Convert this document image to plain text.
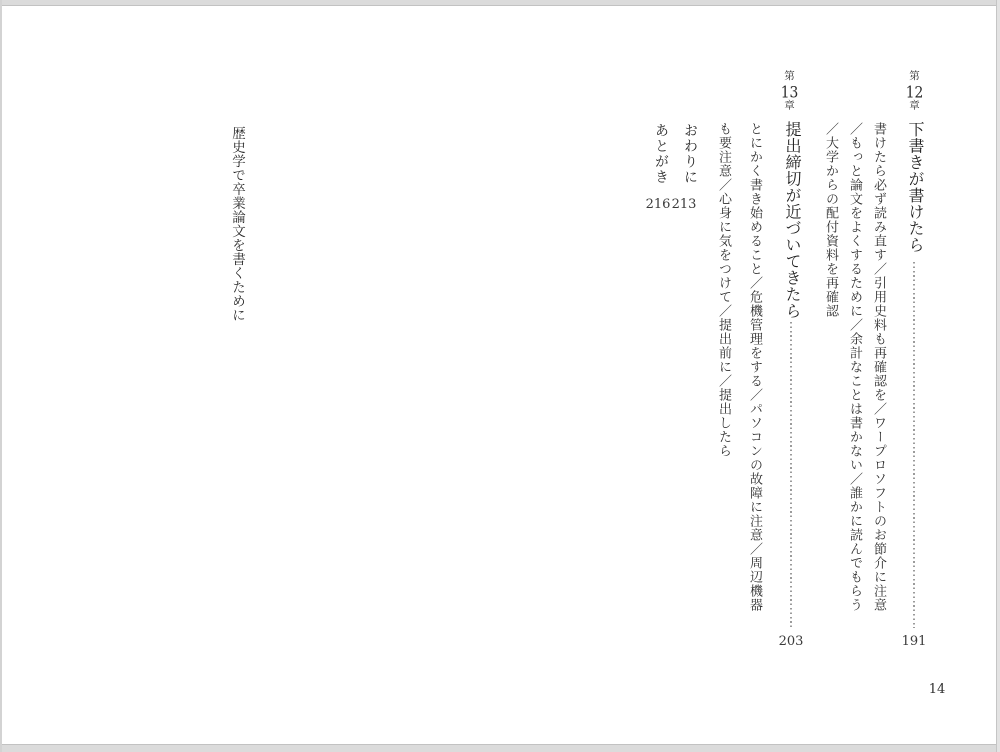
第12章
下書きが書けたら
191
書けたら必ず読み直す／引用史料も再確認を／ワープロソフトのお節介に注意
／もっと論文をよくするために／余計なことは書かない／誰かに読んでもらう
／大学からの配付資料を再確認
第13章
提出締切が近づいてきたら
203
とにかく書き始めること／危機管理をする／パソコンの故障に注意／周辺機器
も要注意／心身に気をつけて／提出前に／提出したら
おわりに
213
あとがき
216
歴史学で卒業論文を書くために
14
